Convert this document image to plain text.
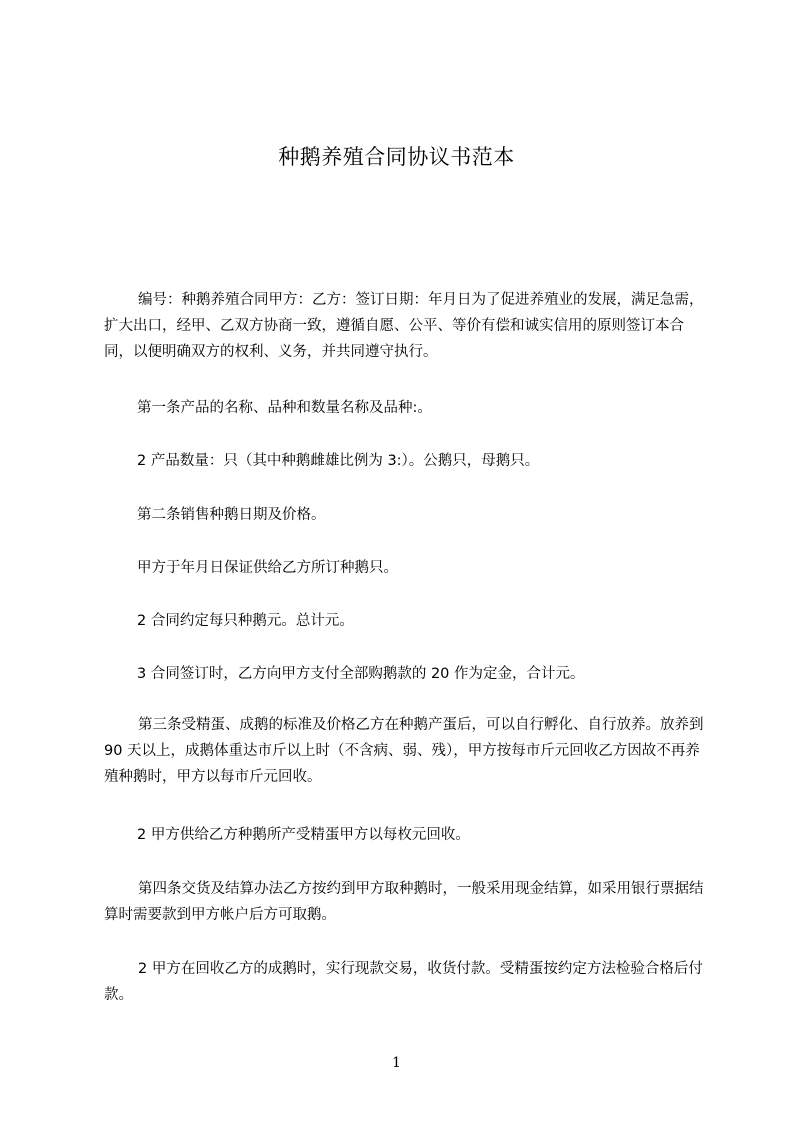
种鹅养殖合同协议书范本

编号：种鹅养殖合同甲方：乙方：签订日期：年月日为了促进养殖业的发展，满足急需，扩大出口，经甲、乙双方协商一致，遵循自愿、公平、等价有偿和诚实信用的原则签订本合同，以便明确双方的权利、义务，并共同遵守执行。

第一条产品的名称、品种和数量名称及品种:。

2 产品数量：只（其中种鹅雌雄比例为 3:）。公鹅只，母鹅只。

第二条销售种鹅日期及价格。

甲方于年月日保证供给乙方所订种鹅只。

2 合同约定每只种鹅元。总计元。

3 合同签订时，乙方向甲方支付全部购鹅款的 20 作为定金，合计元。

第三条受精蛋、成鹅的标准及价格乙方在种鹅产蛋后，可以自行孵化、自行放养。放养到 90 天以上，成鹅体重达市斤以上时（不含病、弱、残），甲方按每市斤元回收乙方因故不再养殖种鹅时，甲方以每市斤元回收。

2 甲方供给乙方种鹅所产受精蛋甲方以每枚元回收。

第四条交货及结算办法乙方按约到甲方取种鹅时，一般采用现金结算，如采用银行票据结算时需要款到甲方帐户后方可取鹅。

2 甲方在回收乙方的成鹅时，实行现款交易，收货付款。受精蛋按约定方法检验合格后付款。

1
